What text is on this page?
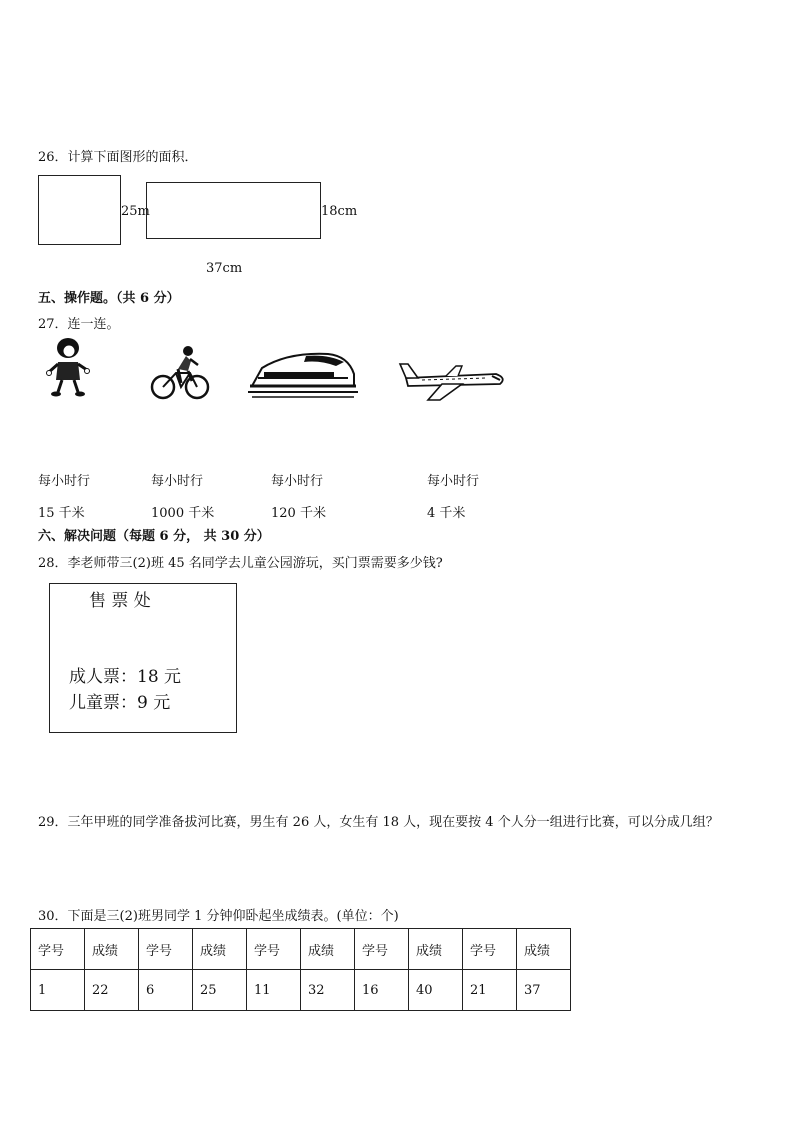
26．计算下面图形的面积．
25m	18cm
37cm
五、操作题。（共 6 分）
27．连一连。
每小时行
15 千米
每小时行
1000 千米
每小时行
120 千米
每小时行
4 千米
六、解决问题（每题 6 分， 共 30 分）
28．李老师带三(2)班 45 名同学去儿童公园游玩，买门票需要多少钱?
售 票 处
成人票：18 元
儿童票：9 元
29．三年甲班的同学准备拔河比赛，男生有 26 人，女生有 18 人，现在要按 4 个人分一组进行比赛，可以分成几组？
30．下面是三(2)班男同学 1 分钟仰卧起坐成绩表。(单位：个)
学号	成绩	学号	成绩	学号	成绩	学号	成绩	学号	成绩
1	22	6	25	11	32	16	40	21	37
